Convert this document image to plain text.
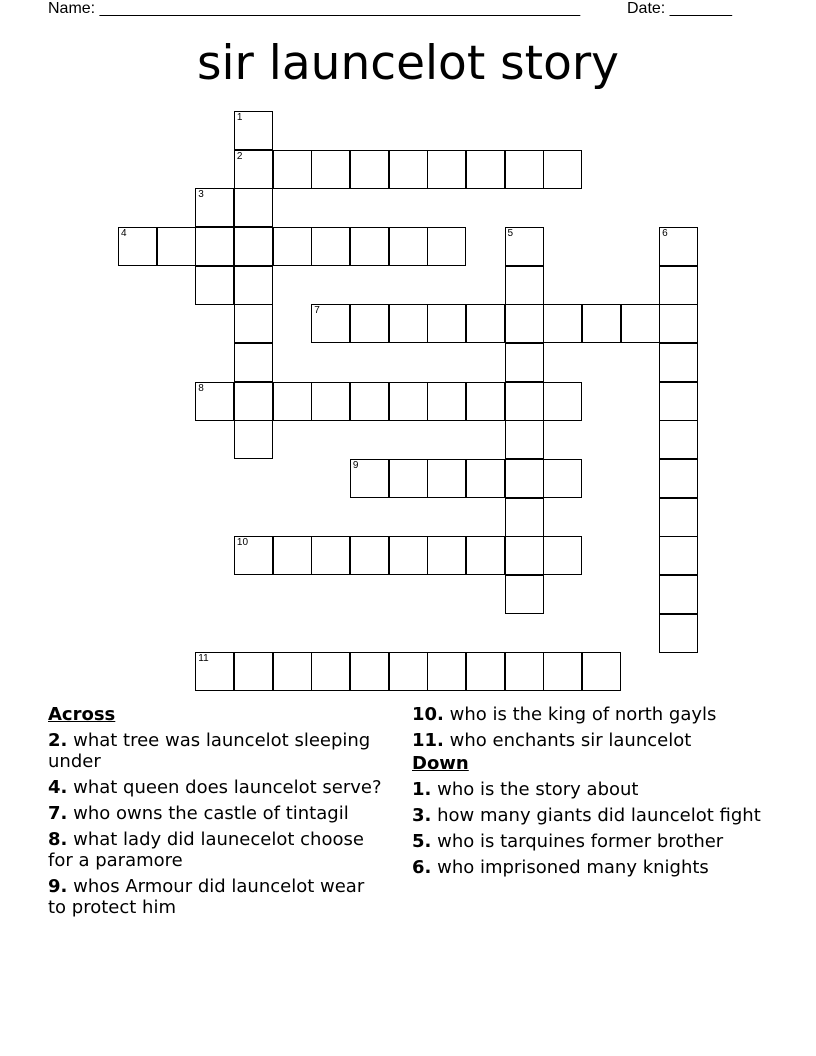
Name: ______________________________________________________	Date: _______
sir launcelot story
1
2
3
4	5	6
7
8
9
10
11
Across
2. what tree was launcelot sleeping under
4. what queen does launcelot serve?
7. who owns the castle of tintagil
8. what lady did launecelot choose for a paramore
9. whos Armour did launcelot wear to protect him
10. who is the king of north gayls
11. who enchants sir launcelot
Down
1. who is the story about
3. how many giants did launcelot fight
5. who is tarquines former brother
6. who imprisoned many knights
